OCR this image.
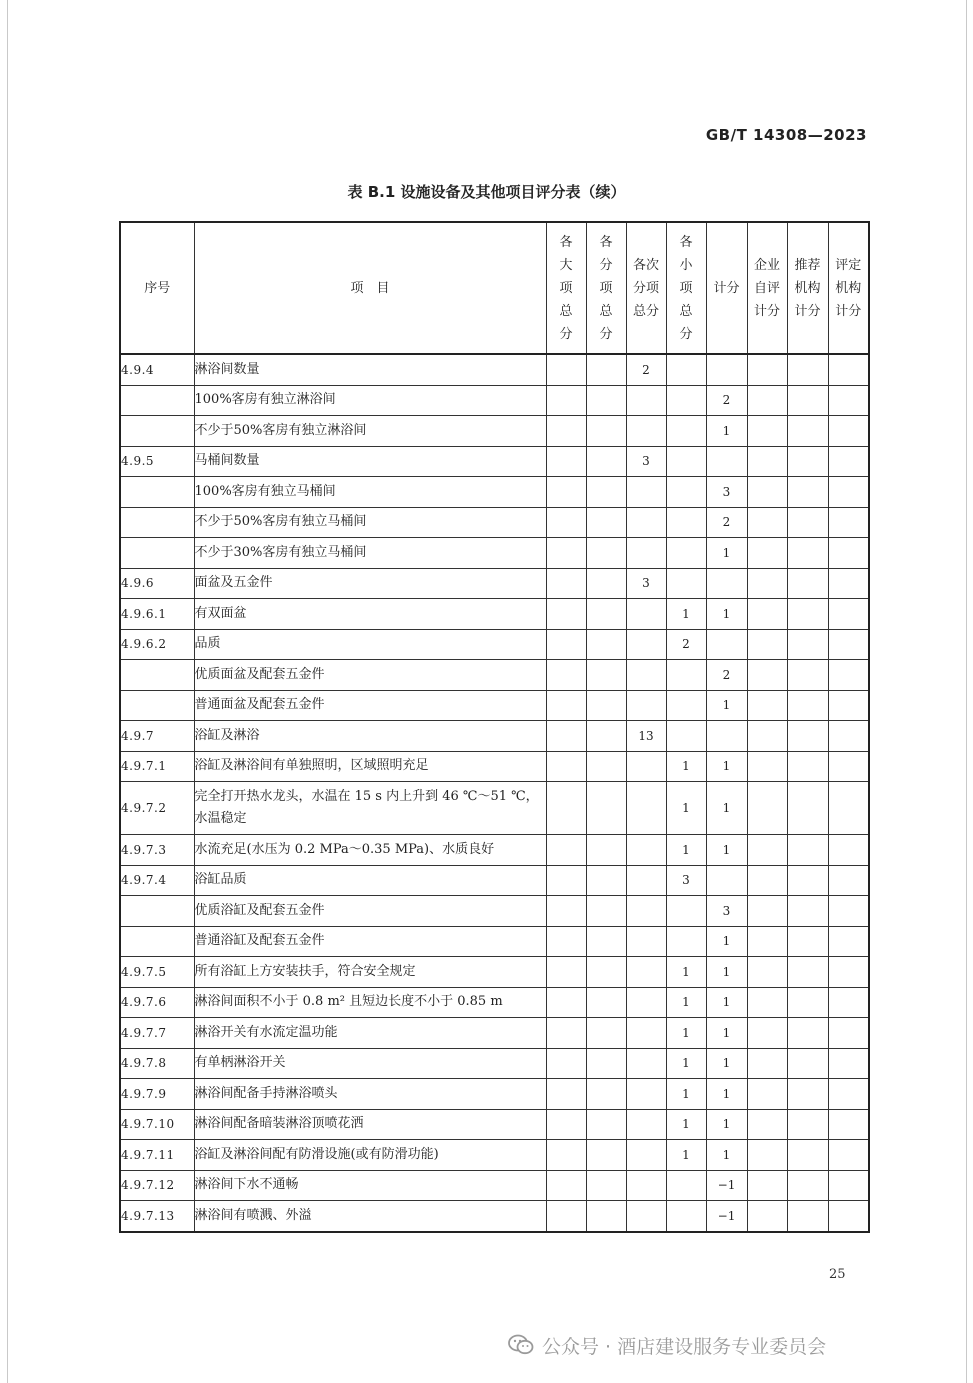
GB/T 14308—2023
表 B.1 设施设备及其他项目评分表（续）
序号	项　目	各大项总分	各分项总分	各次分项总分	各小项总分	计分	企业自评计分	推荐机构计分	评定机构计分
4.9.4	淋浴间数量			2					
	100%客房有独立淋浴间					2			
	不少于50%客房有独立淋浴间					1			
4.9.5	马桶间数量			3					
	100%客房有独立马桶间					3			
	不少于50%客房有独立马桶间					2			
	不少于30%客房有独立马桶间					1			
4.9.6	面盆及五金件			3					
4.9.6.1	有双面盆				1	1			
4.9.6.2	品质				2				
	优质面盆及配套五金件					2			
	普通面盆及配套五金件					1			
4.9.7	浴缸及淋浴			13					
4.9.7.1	浴缸及淋浴间有单独照明，区域照明充足				1	1			
4.9.7.2	完全打开热水龙头，水温在 15 s 内上升到 46 ℃～51 ℃，水温稳定				1	1			
4.9.7.3	水流充足(水压为 0.2 MPa～0.35 MPa)、水质良好				1	1			
4.9.7.4	浴缸品质				3				
	优质浴缸及配套五金件					3			
	普通浴缸及配套五金件					1			
4.9.7.5	所有浴缸上方安装扶手，符合安全规定				1	1			
4.9.7.6	淋浴间面积不小于 0.8 m² 且短边长度不小于 0.85 m				1	1			
4.9.7.7	淋浴开关有水流定温功能				1	1			
4.9.7.8	有单柄淋浴开关				1	1			
4.9.7.9	淋浴间配备手持淋浴喷头				1	1			
4.9.7.10	淋浴间配备暗装淋浴顶喷花洒				1	1			
4.9.7.11	浴缸及淋浴间配有防滑设施(或有防滑功能)				1	1			
4.9.7.12	淋浴间下水不通畅					−1			
4.9.7.13	淋浴间有喷溅、外溢					−1			
25
公众号 · 酒店建设服务专业委员会
